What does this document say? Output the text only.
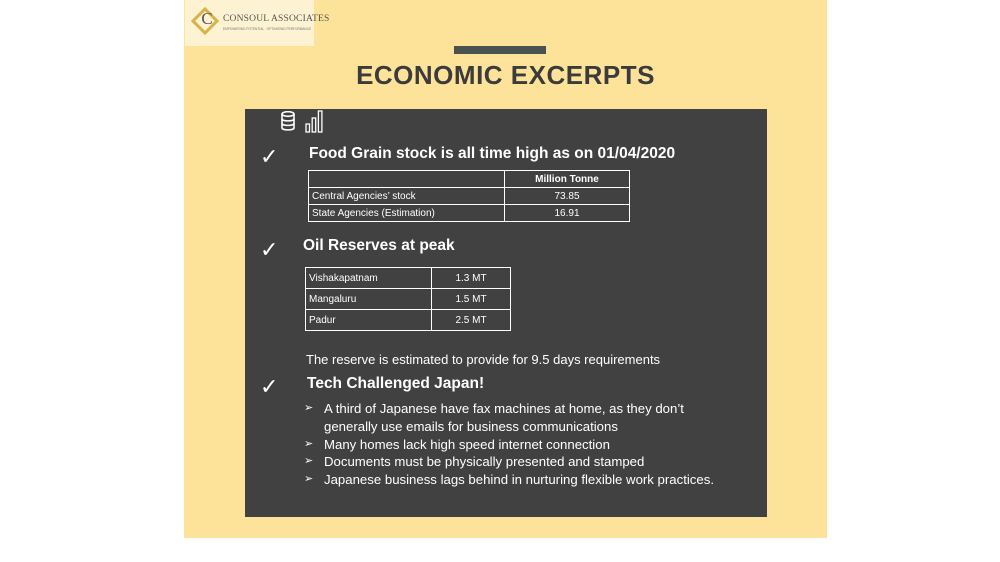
C	CONSOUL ASSOCIATES
EMPOWERING POTENTIAL · OPTIMISING PERFORMANCE
ECONOMIC EXCERPTS
✓ Food Grain stock is all time high as on 01/04/2020
	Million Tonne
Central Agencies’ stock	73.85
State Agencies (Estimation)	16.91
✓ Oil Reserves at peak
Vishakapatnam	1.3 MT
Mangaluru	1.5 MT
Padur	2.5 MT
The reserve is estimated to provide for 9.5 days requirements
✓ Tech Challenged Japan!
➢ A third of Japanese have fax machines at home, as they don’t generally use emails for business communications
➢ Many homes lack high speed internet connection
➢ Documents must be physically presented and stamped
➢ Japanese business lags behind in nurturing flexible work practices.
